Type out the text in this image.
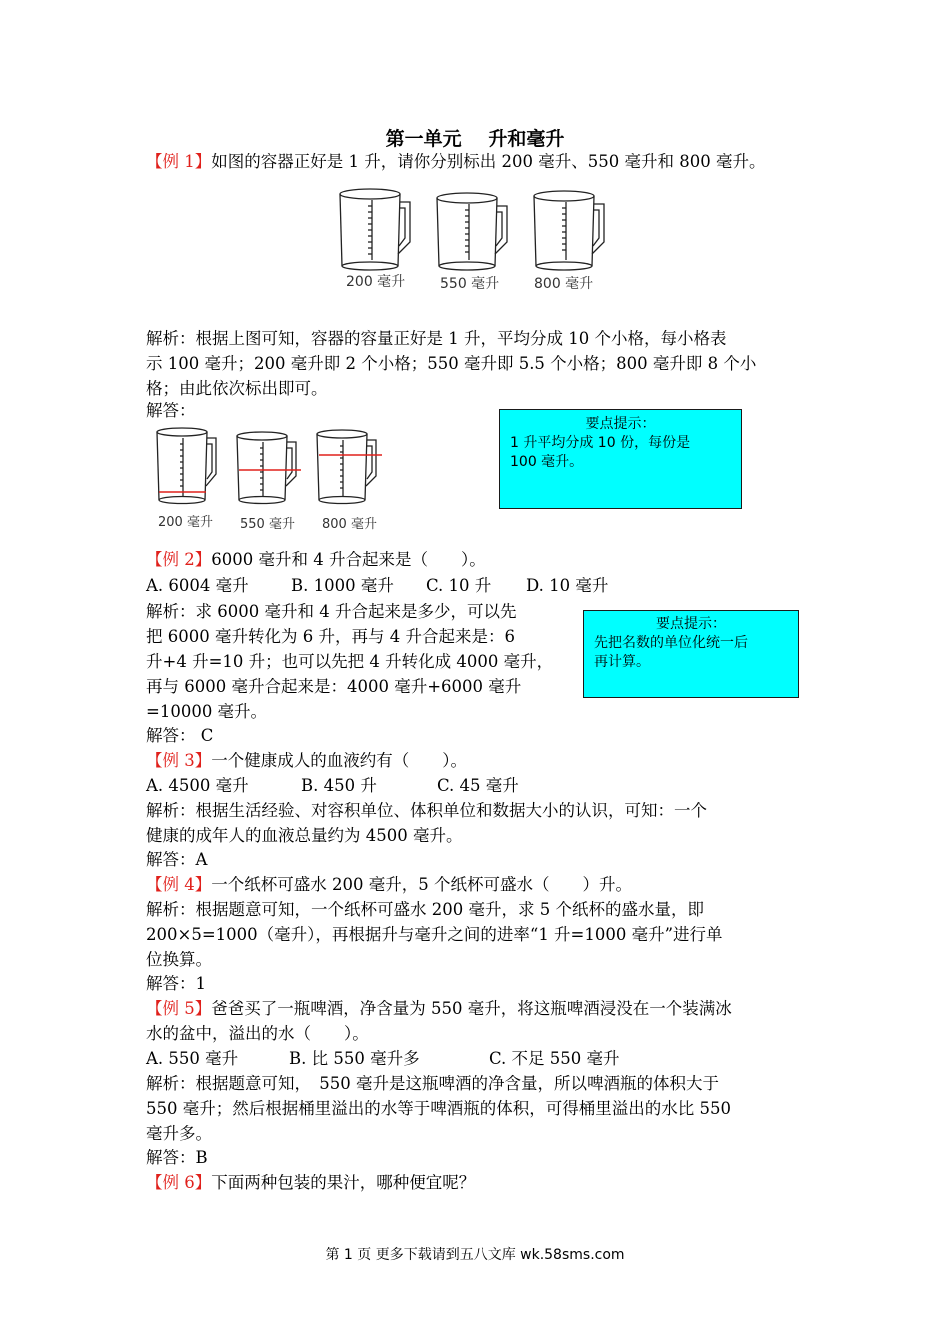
第一单元 升和毫升
【例 1】如图的容器正好是 1 升，请你分别标出 200 毫升、550 毫升和 800 毫升。
200 毫升 550 毫升 800 毫升
解析：根据上图可知，容器的容量正好是 1 升，平均分成 10 个小格，每小格表
示 100 毫升；200 毫升即 2 个小格；550 毫升即 5.5 个小格；800 毫升即 8 个小
格；由此依次标出即可。
解答：
200 毫升 550 毫升 800 毫升
要点提示：
1 升平均分成 10 份，每份是
100 毫升。
【例 2】6000 毫升和 4 升合起来是（　　）。
A. 6004 毫升	B. 1000 毫升 C. 10 升 D. 10 毫升
解析：求 6000 毫升和 4 升合起来是多少，可以先
把 6000 毫升转化为 6 升，再与 4 升合起来是：6
升+4 升=10 升；也可以先把 4 升转化成 4000 毫升，
再与 6000 毫升合起来是：4000 毫升+6000 毫升
=10000 毫升。
解答： C
要点提示：
先把名数的单位化统一后
再计算。
【例 3】一个健康成人的血液约有（　　）。
A. 4500 毫升	B. 450 升	C. 45 毫升
解析：根据生活经验、对容积单位、体积单位和数据大小的认识，可知：一个
健康的成年人的血液总量约为 4500 毫升。
解答：A
【例 4】一个纸杯可盛水 200 毫升，5 个纸杯可盛水（　　）升。
解析：根据题意可知，一个纸杯可盛水 200 毫升，求 5 个纸杯的盛水量，即
200×5=1000（毫升），再根据升与毫升之间的进率“1 升=1000 毫升”进行单
位换算。
解答：1
【例 5】爸爸买了一瓶啤酒，净含量为 550 毫升，将这瓶啤酒浸没在一个装满冰
水的盆中，溢出的水（　　）。
A. 550 毫升	B. 比 550 毫升多	C. 不足 550 毫升
解析：根据题意可知，　550 毫升是这瓶啤酒的净含量，所以啤酒瓶的体积大于
550 毫升；然后根据桶里溢出的水等于啤酒瓶的体积，可得桶里溢出的水比 550
毫升多。
解答：B
【例 6】下面两种包装的果汁，哪种便宜呢？
第 1 页 更多下载请到五八文库 wk.58sms.com
